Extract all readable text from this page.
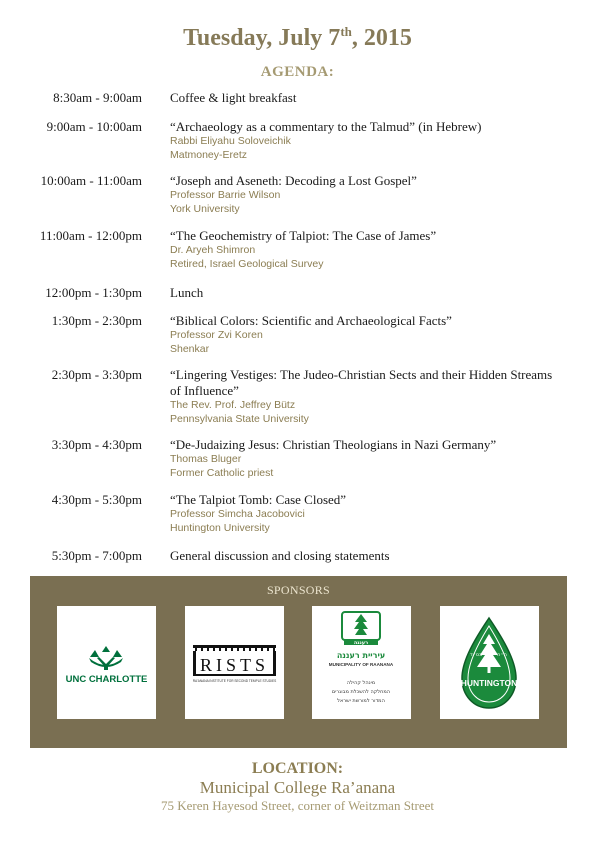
Tuesday, July 7th, 2015
AGENDA:
8:30am - 9:00am Coffee & light breakfast
9:00am - 10:00am “Archaeology as a commentary to the Talmud” (in Hebrew)
Rabbi Eliyahu Soloveichik
Matmoney-Eretz
10:00am - 11:00am “Joseph and Aseneth: Decoding a Lost Gospel”
Professor Barrie Wilson
York University
11:00am - 12:00pm “The Geochemistry of Talpiot: The Case of James”
Dr. Aryeh Shimron
Retired, Israel Geological Survey
12:00pm - 1:30pm Lunch
1:30pm - 2:30pm “Biblical Colors: Scientific and Archaeological Facts”
Professor Zvi Koren
Shenkar
2:30pm - 3:30pm “Lingering Vestiges: The Judeo-Christian Sects and their Hidden Streams of Influence”
The Rev. Prof. Jeffrey Bütz
Pennsylvania State University
3:30pm - 4:30pm “De-Judaizing Jesus: Christian Theologians in Nazi Germany”
Thomas Bluger
Former Catholic priest
4:30pm - 5:30pm “The Talpiot Tomb: Case Closed”
Professor Simcha Jacobovici
Huntington University
5:30pm - 7:00pm General discussion and closing statements
SPONSORS
UNC CHARLOTTE
RISTS
RA'ANANA INSTITUTE FOR SECOND TEMPLE STUDIES
רעננה
עיריית רעננה
MUNICIPALITY OF RAANANA
מינהל קהילה
המחלקה להשכלת מבוגרים
המדור למורשת ישראל
בס״ד	ה״ה
HUNTINGTON
LOCATION:
Municipal College Ra’anana
75 Keren Hayesod Street, corner of Weitzman Street
